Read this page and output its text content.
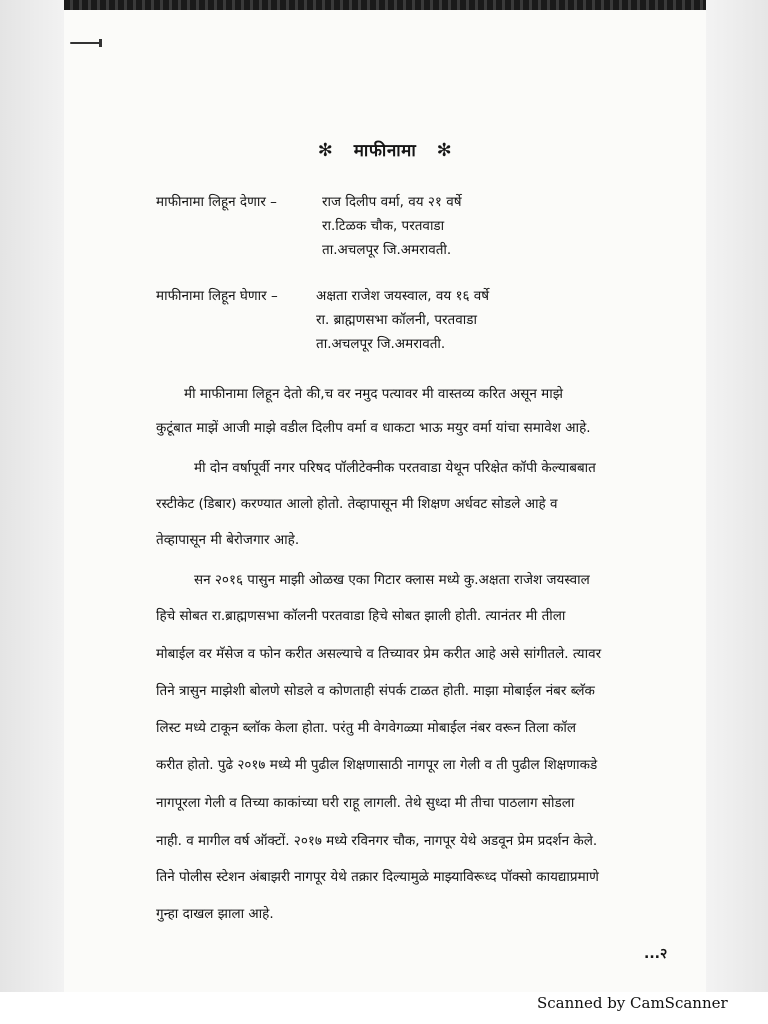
✻ माफीनामा ✻
माफीनामा लिहून देणार –	राज दिलीप वर्मा, वय २१ वर्षे
रा.टिळक चौक, परतवाडा
ता.अचलपूर जि.अमरावती.
माफीनामा लिहून घेणार –	अक्षता राजेश जयस्वाल, वय १६ वर्षे
रा. ब्राह्मणसभा कॉलनी, परतवाडा
ता.अचलपूर जि.अमरावती.
मी माफीनामा लिहून देतो की,च वर नमुद पत्यावर मी वास्तव्य करित असून माझे
कुटूंबात माझें आजी माझे वडील दिलीप वर्मा व धाकटा भाऊ मयुर वर्मा यांचा समावेश आहे.
मी दोन वर्षापूर्वी नगर परिषद पॉलीटेक्नीक परतवाडा येथून परिक्षेत कॉपी केल्याबबात
रस्टीकेट (डिबार) करण्यात आलो होतो. तेव्हापासून मी शिक्षण अर्धवट सोडले आहे व
तेव्हापासून मी बेरोजगार आहे.
सन २०१६ पासुन माझी ओळख एका गिटार क्लास मध्ये कु.अक्षता राजेश जयस्वाल
हिचे सोबत रा.ब्राह्मणसभा कॉलनी परतवाडा हिचे सोबत झाली होती. त्यानंतर मी तीला
मोबाईल वर मॅसेज व फोन करीत असल्याचे व तिच्यावर प्रेम करीत आहे असे सांगीतले. त्यावर
तिने त्रासुन माझेशी बोलणे सोडले व कोणताही संपर्क टाळत होती. माझा मोबाईल नंबर ब्लॅक
लिस्ट मध्ये टाकून ब्लॉक केला होता. परंतु मी वेगवेगळ्या मोबाईल नंबर वरून तिला कॉल
करीत होतो. पुढे २०१७ मध्ये मी पुढील शिक्षणासाठी नागपूर ला गेली व ती पुढील शिक्षणाकडे
नागपूरला गेली व तिच्या काकांच्या घरी राहू लागली. तेथे सुध्दा मी तीचा पाठलाग सोडला
नाही. व मागील वर्ष ऑक्टों. २०१७ मध्ये रविनगर चौक, नागपूर येथे अडवून प्रेम प्रदर्शन केले.
तिने पोलीस स्टेशन अंबाझरी नागपूर येथे तक्रार दिल्यामुळे माझ्याविरूध्द पॉक्सो कायद्याप्रमाणे
गुन्हा दाखल झाला आहे.
...२
Scanned by CamScanner
